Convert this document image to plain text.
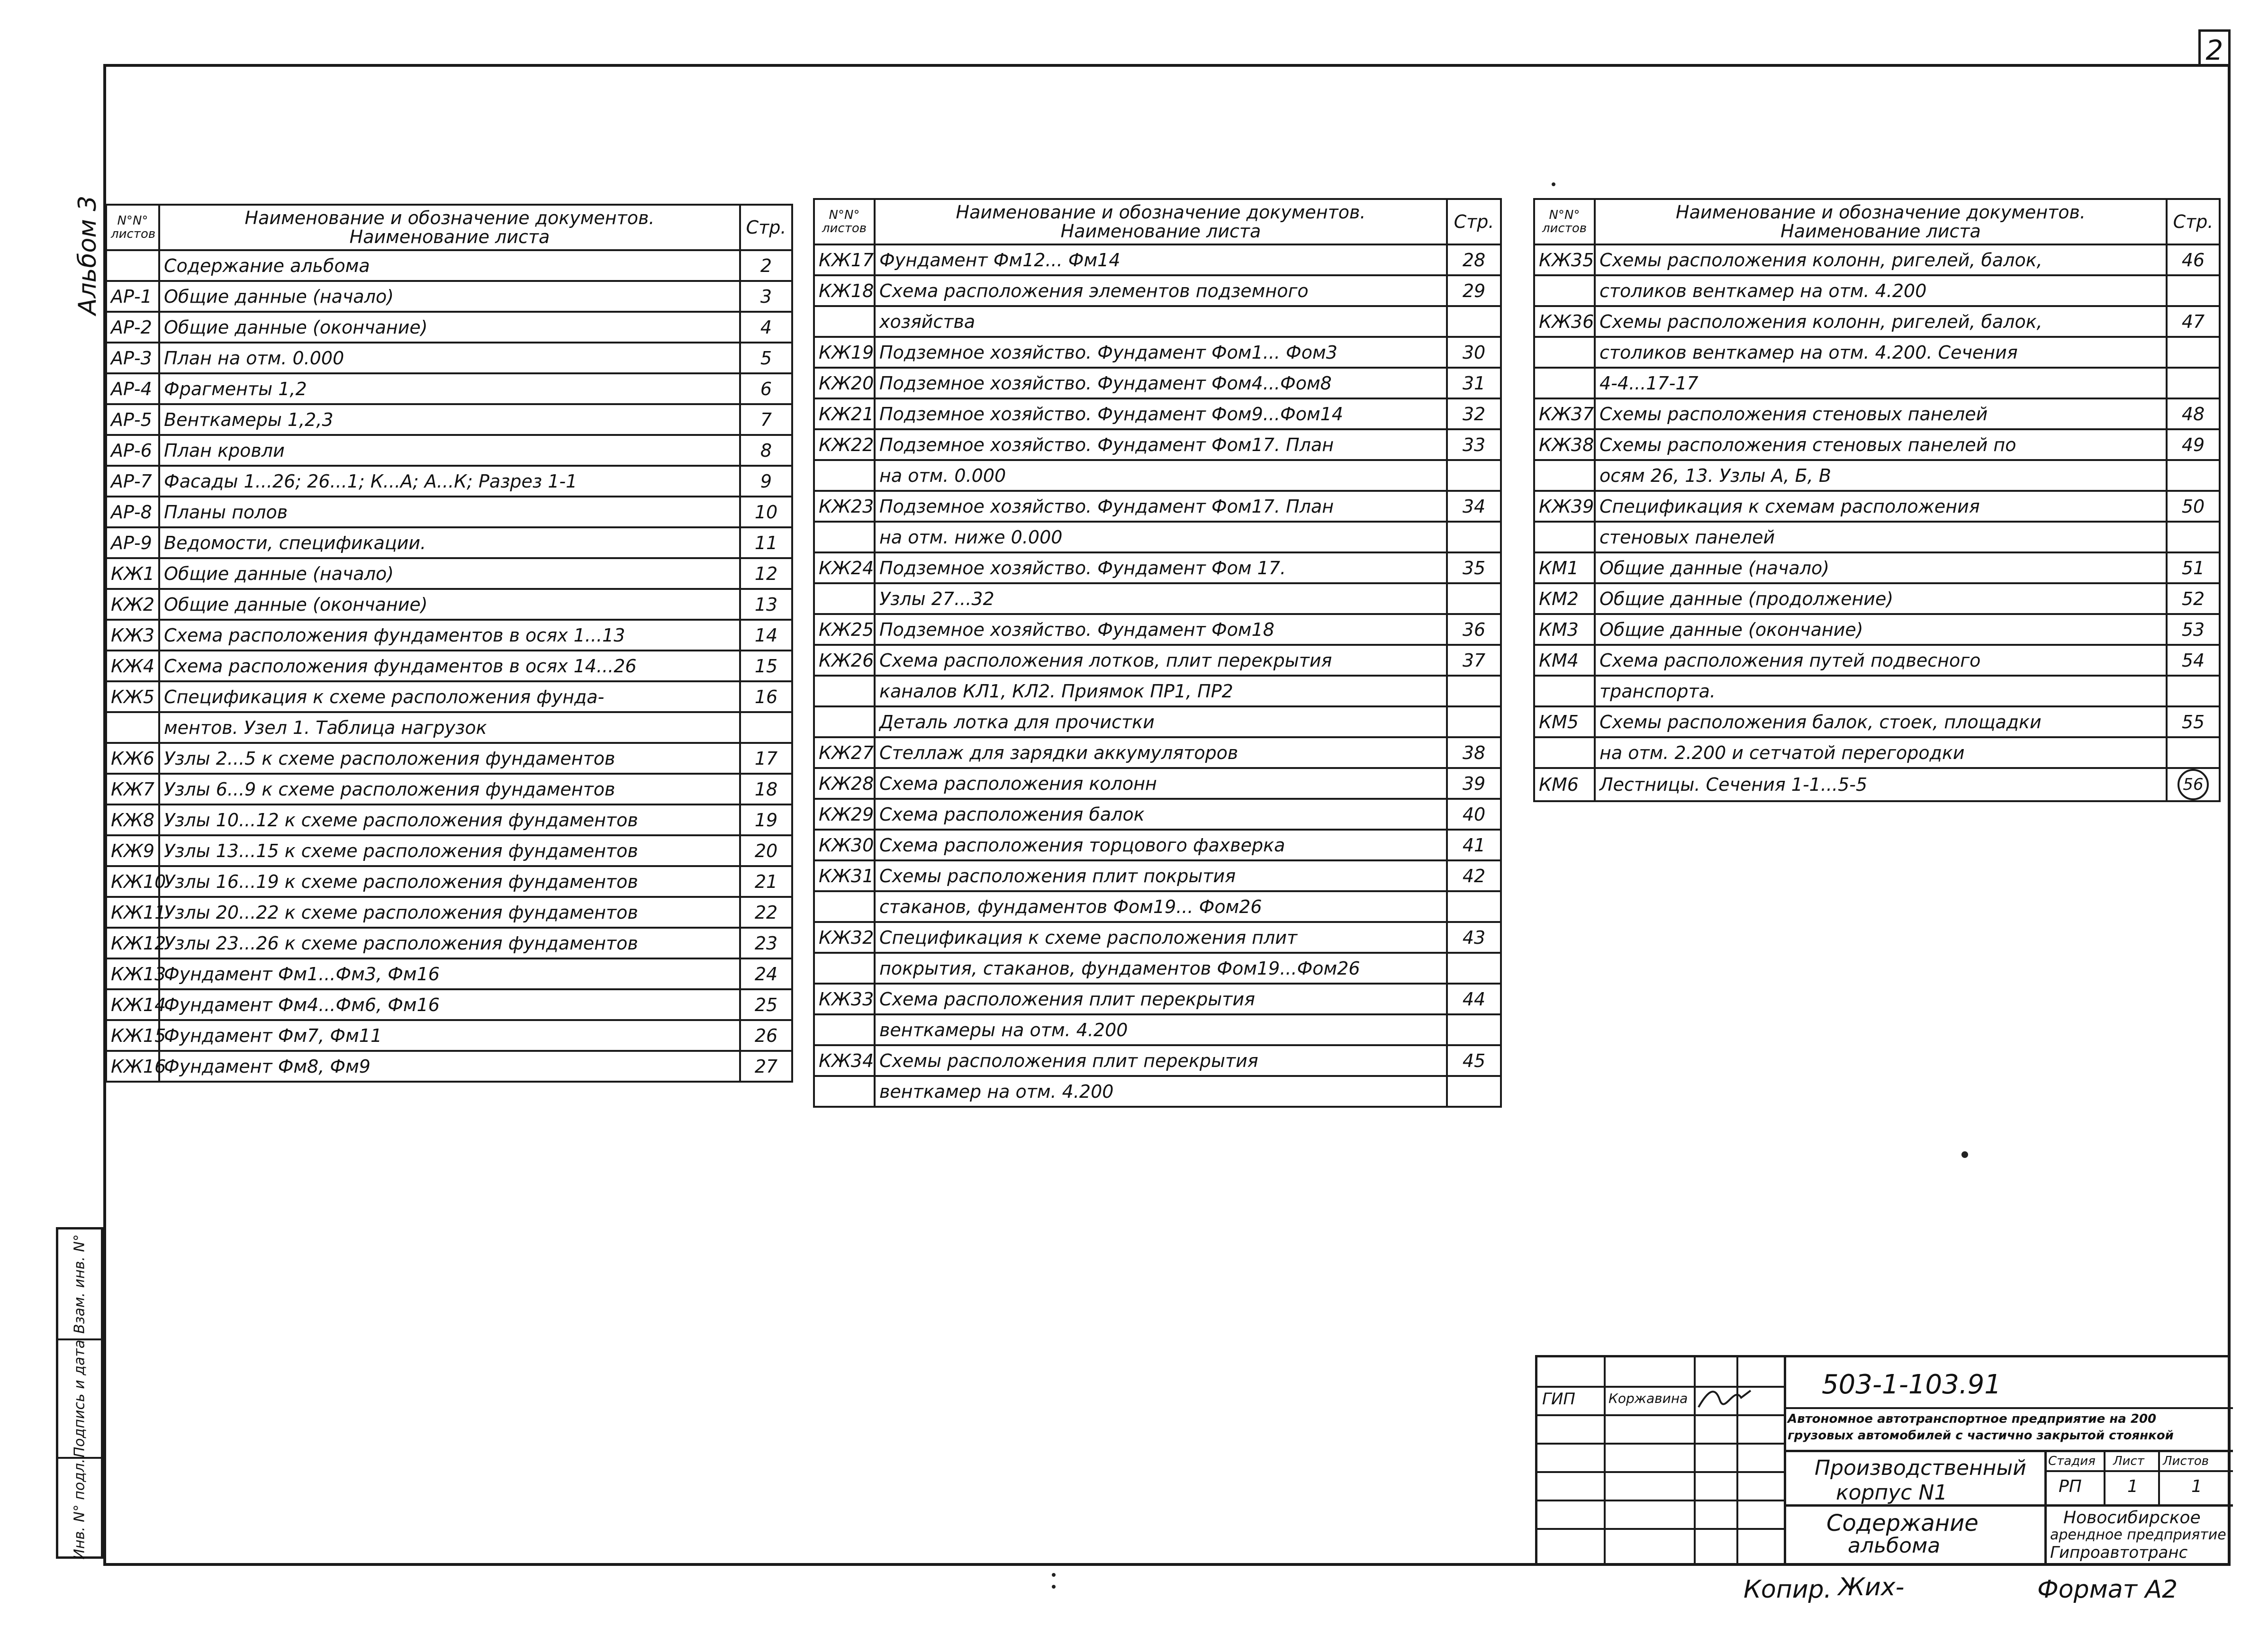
2
Альбом 3 N°N° листов	Наименование и обозначение документов.
Наименование листа	Стр.
	Содержание альбома	2
АР-1	Общие данные (начало)	3
АР-2	Общие данные (окончание)	4
АР-3	План на отм. 0.000	5
АР-4	Фрагменты 1,2	6
АР-5	Венткамеры 1,2,3	7
АР-6	План кровли	8
АР-7	Фасады 1...26; 26...1; К...А; А...К; Разрез 1-1	9
АР-8	Планы полов	10
АР-9	Ведомости, спецификации.	11
КЖ1	Общие данные (начало)	12
КЖ2	Общие данные (окончание)	13
КЖ3	Схема расположения фундаментов в осях 1...13	14
КЖ4	Схема расположения фундаментов в осях 14...26	15
КЖ5	Спецификация к схеме расположения фунда-	16
	ментов. Узел 1. Таблица нагрузок	
КЖ6	Узлы 2...5 к схеме расположения фундаментов	17
КЖ7	Узлы 6...9 к схеме расположения фундаментов	18
КЖ8	Узлы 10...12 к схеме расположения фундаментов	19
КЖ9	Узлы 13...15 к схеме расположения фундаментов	20
КЖ10	Узлы 16...19 к схеме расположения фундаментов	21
КЖ11	Узлы 20...22 к схеме расположения фундаментов	22
КЖ12	Узлы 23...26 к схеме расположения фундаментов	23
КЖ13	Фундамент Фм1...Фм3, Фм16	24
КЖ14	Фундамент Фм4...Фм6, Фм16	25
КЖ15	Фундамент Фм7, Фм11	26
КЖ16	Фундамент Фм8, Фм9	27
N°N° листов	Наименование и обозначение документов.
Наименование листа	Стр.
КЖ17	Фундамент Фм12... Фм14	28
КЖ18	Схема расположения элементов подземного	29
	хозяйства	
КЖ19	Подземное хозяйство. Фундамент Фом1... Фом3	30
КЖ20	Подземное хозяйство. Фундамент Фом4...Фом8	31
КЖ21	Подземное хозяйство. Фундамент Фом9...Фом14	32
КЖ22	Подземное хозяйство. Фундамент Фом17. План	33
	на отм. 0.000	
КЖ23	Подземное хозяйство. Фундамент Фом17. План	34
	на отм. ниже 0.000	
КЖ24	Подземное хозяйство. Фундамент Фом 17.	35
	Узлы 27...32	
КЖ25	Подземное хозяйство. Фундамент Фом18	36
КЖ26	Схема расположения лотков, плит перекрытия	37
	каналов КЛ1, КЛ2. Приямок ПР1, ПР2	
	Деталь лотка для прочистки	
КЖ27	Стеллаж для зарядки аккумуляторов	38
КЖ28	Схема расположения колонн	39
КЖ29	Схема расположения балок	40
КЖ30	Схема расположения торцового фахверка	41
КЖ31	Схемы расположения плит покрытия	42
	стаканов, фундаментов Фом19... Фом26	
КЖ32	Спецификация к схеме расположения плит	43
	покрытия, стаканов, фундаментов Фом19...Фом26	
КЖ33	Схема расположения плит перекрытия	44
	венткамеры на отм. 4.200	
КЖ34	Схемы расположения плит перекрытия	45
	венткамер на отм. 4.200	
N°N° листов	Наименование и обозначение документов.
Наименование листа	Стр.
КЖ35	Схемы расположения колонн, ригелей, балок,	46
	столиков венткамер на отм. 4.200	
КЖ36	Схемы расположения колонн, ригелей, балок,	47
	столиков венткамер на отм. 4.200. Сечения	
	4-4...17-17	
КЖ37	Схемы расположения стеновых панелей	48
КЖ38	Схемы расположения стеновых панелей по	49
	осям 26, 13. Узлы А, Б, В	
КЖ39	Спецификация к схемам расположения	50
	стеновых панелей	
КМ1	Общие данные (начало)	51
КМ2	Общие данные (продолжение)	52
КМ3	Общие данные (окончание)	53
КМ4	Схема расположения путей подвесного	54
	транспорта.	
КМ5	Схемы расположения балок, стоек, площадки	55
	на отм. 2.200 и сетчатой перегородки	
КМ6	Лестницы. Сечения 1-1...5-5	56
Взам. инв. N°
Подпись и дата
Инв. N° подл.
ГИП	Коржавина	503-1-103.91
Автономное автотранспортное предприятие на 200
грузовых автомобилей с частично закрытой стоянкой
Производственный
корпус N1
Стадия Лист Листов
РП	1	1
Содержание
альбома
Новосибирское
арендное предприятие
Гипроавтотранс
Копир. Жих-	Формат А2
